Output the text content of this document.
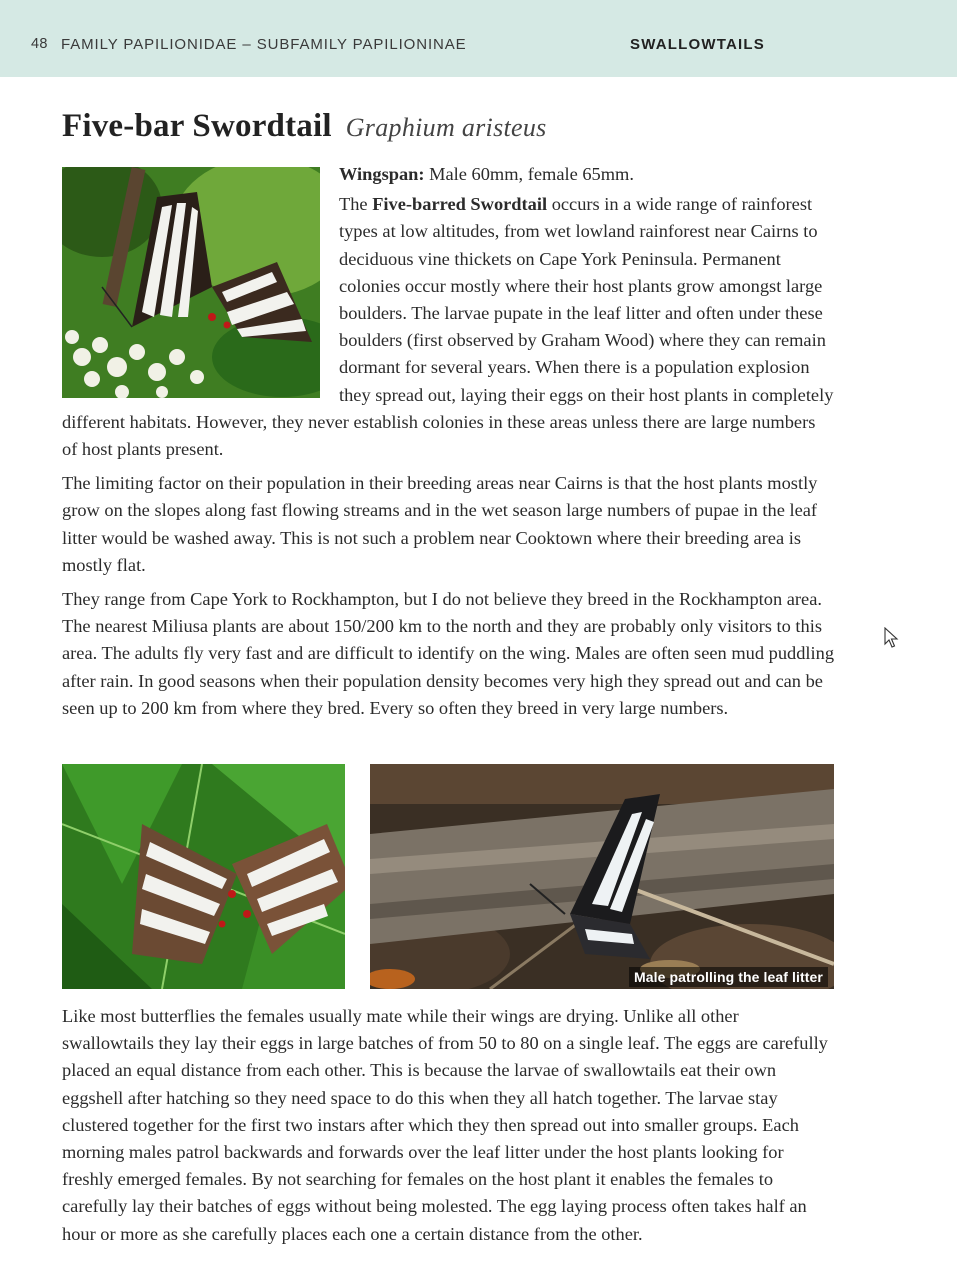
48 FAMILY PAPILIONIDAE – SUBFAMILY PAPILIONINAE	SWALLOWTAILS
Five-bar Swordtail Graphium aristeus

Wingspan: Male 60mm, female 65mm.

The Five-barred Swordtail occurs in a wide range of rainforest types at low altitudes, from wet lowland rainforest near Cairns to deciduous vine thickets on Cape York Peninsula. Permanent colonies occur mostly where their host plants grow amongst large boulders. The larvae pupate in the leaf litter and often under these boulders (first observed by Graham Wood) where they can remain dormant for several years. When there is a population explosion they spread out, laying their eggs on their host plants in completely different habitats. However, they never establish colonies in these areas unless there are large numbers of host plants present.

The limiting factor on their population in their breeding areas near Cairns is that the host plants mostly grow on the slopes along fast flowing streams and in the wet season large numbers of pupae in the leaf litter would be washed away. This is not such a problem near Cooktown where their breeding area is mostly flat.

They range from Cape York to Rockhampton, but I do not believe they breed in the Rockhampton area. The nearest Miliusa plants are about 150/200 km to the north and they are probably only visitors to this area. The adults fly very fast and are difficult to identify on the wing. Males are often seen mud puddling after rain. In good seasons when their population density becomes very high they spread out and can be seen up to 200 km from where they bred. Every so often they breed in very large numbers.

Male patrolling the leaf litter

Like most butterflies the females usually mate while their wings are drying. Unlike all other swallowtails they lay their eggs in large batches of from 50 to 80 on a single leaf. The eggs are carefully placed an equal distance from each other. This is because the larvae of swallowtails eat their own eggshell after hatching so they need space to do this when they all hatch together. The larvae stay clustered together for the first two instars after which they then spread out into smaller groups. Each morning males patrol backwards and forwards over the leaf litter under the host plants looking for freshly emerged females. By not searching for females on the host plant it enables the females to carefully lay their batches of eggs without being molested. The egg laying process often takes half an hour or more as she carefully places each one a certain distance from the other.
